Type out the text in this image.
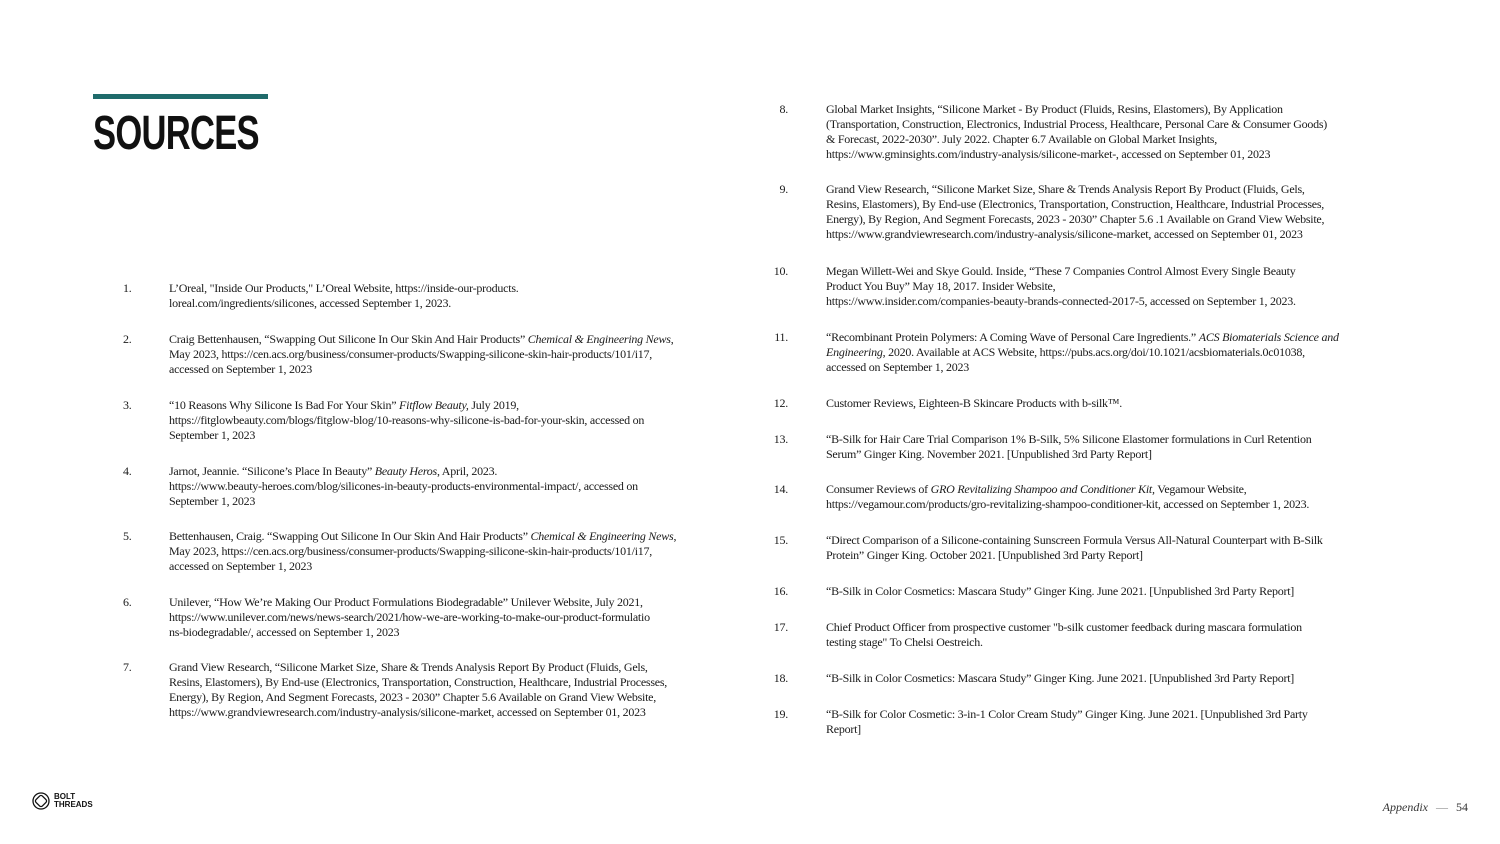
SOURCES
1.	L’Oreal, "Inside Our Products," L’Oreal Website, https://inside-our-products.
loreal.com/ingredients/silicones, accessed September 1, 2023.
2.	Craig Bettenhausen, “Swapping Out Silicone In Our Skin And Hair Products” Chemical & Engineering News,
May 2023, https://cen.acs.org/business/consumer-products/Swapping-silicone-skin-hair-products/101/i17,
accessed on September 1, 2023
3.	“10 Reasons Why Silicone Is Bad For Your Skin” Fitflow Beauty, July 2019,
https://fitglowbeauty.com/blogs/fitglow-blog/10-reasons-why-silicone-is-bad-for-your-skin, accessed on
September 1, 2023
4.	Jarnot, Jeannie. “Silicone’s Place In Beauty” Beauty Heros, April, 2023.
https://www.beauty-heroes.com/blog/silicones-in-beauty-products-environmental-impact/, accessed on
September 1, 2023
5.	Bettenhausen, Craig. “Swapping Out Silicone In Our Skin And Hair Products” Chemical & Engineering News,
May 2023, https://cen.acs.org/business/consumer-products/Swapping-silicone-skin-hair-products/101/i17,
accessed on September 1, 2023
6.	Unilever, “How We’re Making Our Product Formulations Biodegradable” Unilever Website, July 2021,
https://www.unilever.com/news/news-search/2021/how-we-are-working-to-make-our-product-formulatio
ns-biodegradable/, accessed on September 1, 2023
7.	Grand View Research, “Silicone Market Size, Share & Trends Analysis Report By Product (Fluids, Gels,
Resins, Elastomers), By End-use (Electronics, Transportation, Construction, Healthcare, Industrial Processes,
Energy), By Region, And Segment Forecasts, 2023 - 2030” Chapter 5.6 Available on Grand View Website,
https://www.grandviewresearch.com/industry-analysis/silicone-market, accessed on September 01, 2023
8.	Global Market Insights, “Silicone Market - By Product (Fluids, Resins, Elastomers), By Application
(Transportation, Construction, Electronics, Industrial Process, Healthcare, Personal Care & Consumer Goods)
& Forecast, 2022-2030”. July 2022. Chapter 6.7 Available on Global Market Insights,
https://www.gminsights.com/industry-analysis/silicone-market-, accessed on September 01, 2023
9.	Grand View Research, “Silicone Market Size, Share & Trends Analysis Report By Product (Fluids, Gels,
Resins, Elastomers), By End-use (Electronics, Transportation, Construction, Healthcare, Industrial Processes,
Energy), By Region, And Segment Forecasts, 2023 - 2030” Chapter 5.6 .1 Available on Grand View Website,
https://www.grandviewresearch.com/industry-analysis/silicone-market, accessed on September 01, 2023
10.	Megan Willett-Wei and Skye Gould. Inside, “These 7 Companies Control Almost Every Single Beauty
Product You Buy” May 18, 2017. Insider Website,
https://www.insider.com/companies-beauty-brands-connected-2017-5, accessed on September 1, 2023.
11.	“Recombinant Protein Polymers: A Coming Wave of Personal Care Ingredients.” ACS Biomaterials Science and
Engineering, 2020. Available at ACS Website, https://pubs.acs.org/doi/10.1021/acsbiomaterials.0c01038,
accessed on September 1, 2023
12.	Customer Reviews, Eighteen-B Skincare Products with b-silk™.
13.	“B-Silk for Hair Care Trial Comparison 1% B-Silk, 5% Silicone Elastomer formulations in Curl Retention
Serum” Ginger King. November 2021. [Unpublished 3rd Party Report]
14.	Consumer Reviews of GRO Revitalizing Shampoo and Conditioner Kit, Vegamour Website,
https://vegamour.com/products/gro-revitalizing-shampoo-conditioner-kit, accessed on September 1, 2023.
15.	“Direct Comparison of a Silicone-containing Sunscreen Formula Versus All-Natural Counterpart with B-Silk
Protein” Ginger King. October 2021. [Unpublished 3rd Party Report]
16.	“B-Silk in Color Cosmetics: Mascara Study” Ginger King. June 2021. [Unpublished 3rd Party Report]
17.	Chief Product Officer from prospective customer "b-silk customer feedback during mascara formulation
testing stage" To Chelsi Oestreich.
18.	“B-Silk in Color Cosmetics: Mascara Study” Ginger King. June 2021. [Unpublished 3rd Party Report]
19.	“B-Silk for Color Cosmetic: 3-in-1 Color Cream Study” Ginger King. June 2021. [Unpublished 3rd Party
Report]
BOLT
THREADS	Appendix — 54
